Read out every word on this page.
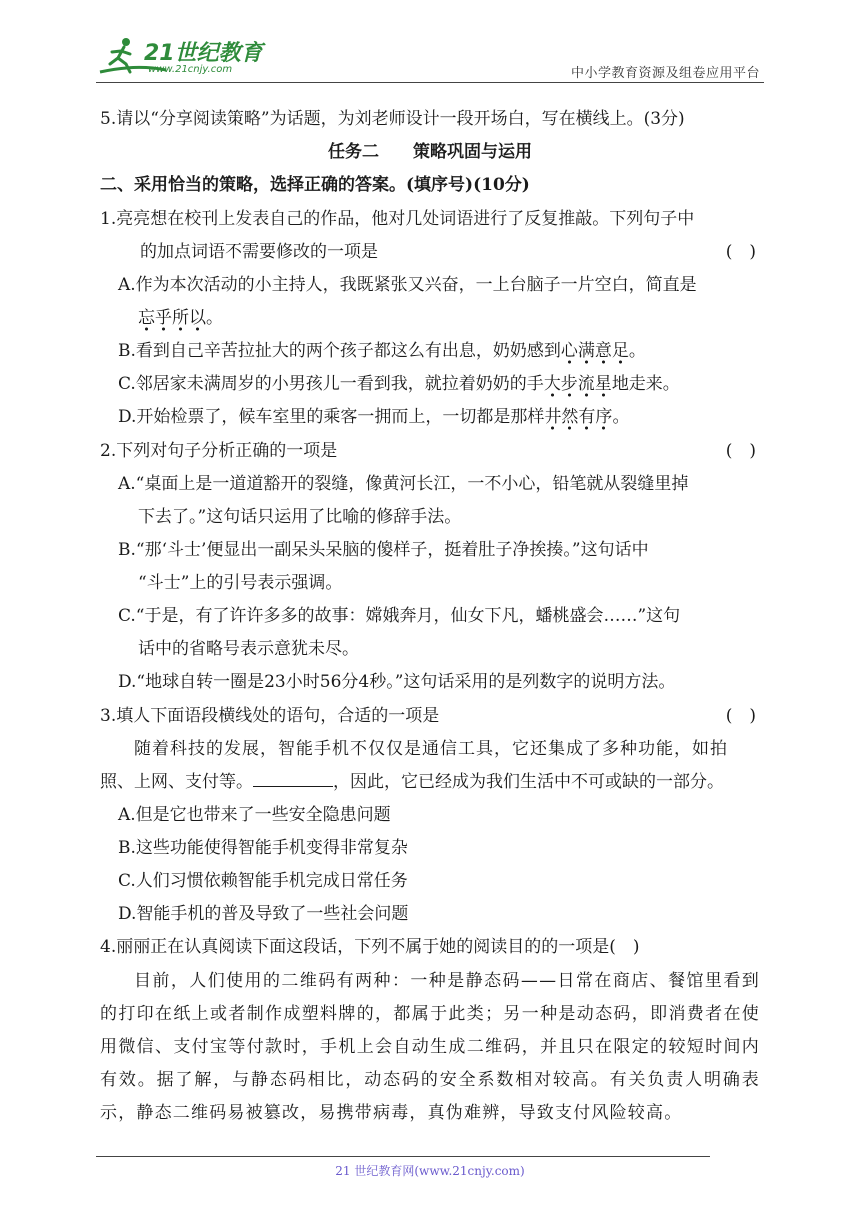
21世纪教育
www.21cnjy.com	中小学教育资源及组卷应用平台
5.请以“分享阅读策略”为话题，为刘老师设计一段开场白，写在横线上。(3分)
任务二　　策略巩固与运用
二、采用恰当的策略，选择正确的答案。(填序号)(10分)
1.亮亮想在校刊上发表自己的作品，他对几处词语进行了反复推敲。下列句子中
的加点词语不需要修改的一项是	(　)
A.作为本次活动的小主持人，我既紧张又兴奋，一上台脑子一片空白，简直是
忘乎所以。
B.看到自己辛苦拉扯大的两个孩子都这么有出息，奶奶感到心满意足。
C.邻居家未满周岁的小男孩儿一看到我，就拉着奶奶的手大步流星地走来。
D.开始检票了，候车室里的乘客一拥而上，一切都是那样井然有序。
2.下列对句子分析正确的一项是	(　)
A.“桌面上是一道道豁开的裂缝，像黄河长江，一不小心，铅笔就从裂缝里掉
下去了。”这句话只运用了比喻的修辞手法。
B.“那‘斗士’便显出一副呆头呆脑的傻样子，挺着肚子净挨揍。”这句话中
“斗士”上的引号表示强调。
C.“于是，有了许许多多的故事：嫦娥奔月，仙女下凡，蟠桃盛会……”这句
话中的省略号表示意犹未尽。
D.“地球自转一圈是23小时56分4秒。”这句话采用的是列数字的说明方法。
3.填人下面语段横线处的语句，合适的一项是	(　)
随着科技的发展，智能手机不仅仅是通信工具，它还集成了多种功能，如拍
照、上网、支付等。	，因此，它已经成为我们生活中不可或缺的一部分。
A.但是它也带来了一些安全隐患问题
B.这些功能使得智能手机变得非常复杂
C.人们习惯依赖智能手机完成日常任务
D.智能手机的普及导致了一些社会问题
4.丽丽正在认真阅读下面这段话，下列不属于她的阅读目的的一项是(　)
目前，人们使用的二维码有两种：一种是静态码——日常在商店、餐馆里看到的打印在纸上或者制作成塑料牌的，都属于此类；另一种是动态码，即消费者在使用微信、支付宝等付款时，手机上会自动生成二维码，并且只在限定的较短时间内有效。据了解，与静态码相比，动态码的安全系数相对较高。有关负责人明确表示，静态二维码易被篡改，易携带病毒，真伪难辨，导致支付风险较高。
21 世纪教育网(www.21cnjy.com)
